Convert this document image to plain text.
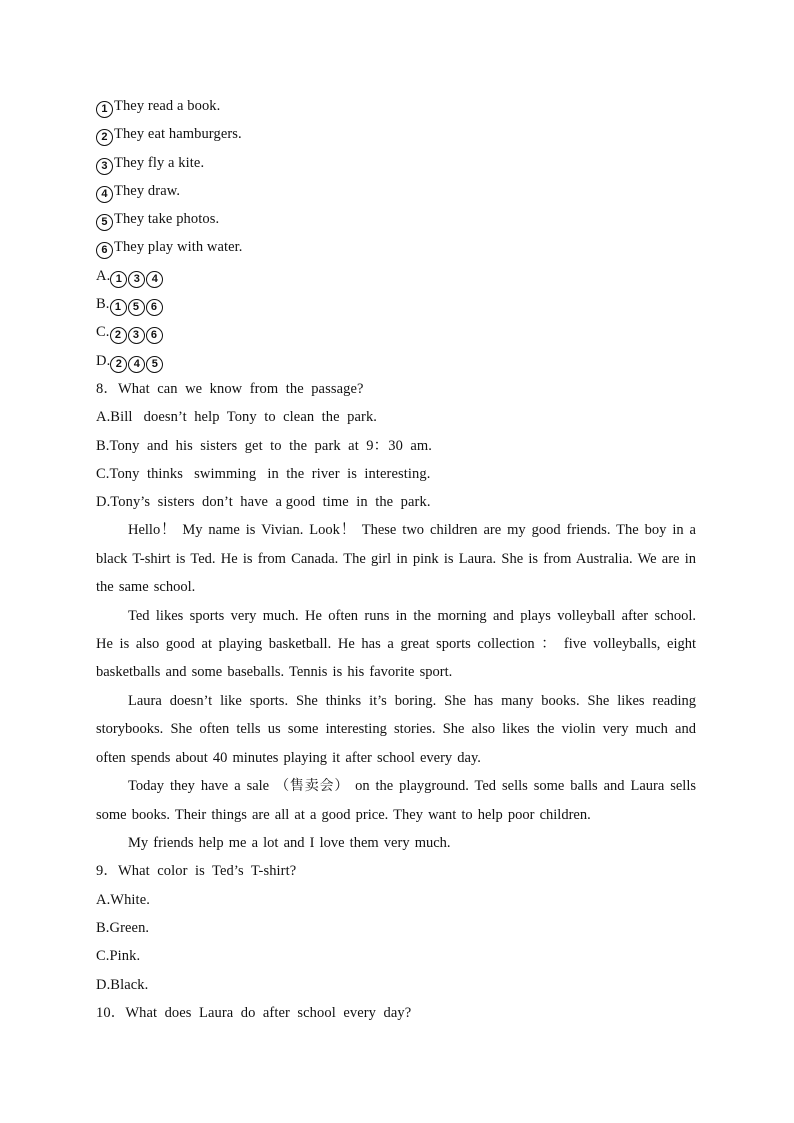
1 They read a book.
2 They eat hamburgers.
3 They fly a kite.
4 They draw.
5 They take photos.
6 They play with water.
A. 1 3 4
B. 1 5 6
C. 2 3 6
D. 2 4 5
8．What  can  we  know  from  the  passage?
A.Bill   doesn’t  help  Tony  to  clean  the  park.
B.Tony  and  his  sisters  get  to  the  park  at  9：30  am.
C.Tony  thinks   swimming   in  the  river  is  interesting.
D.Tony’s  sisters  don’t  have  a good  time  in  the  park.

Hello！ My name is Vivian. Look！ These two children are my good friends. The boy in a black T-shirt is Ted. He is from Canada. The girl in pink is Laura. She is from Australia. We are in the same school.

Ted likes sports very much. He often runs in the morning and plays volleyball after school. He is also good at playing basketball. He has a great sports collection ： five volleyballs, eight basketballs and some baseballs. Tennis is his favorite sport.

Laura doesn’t like sports. She thinks it’s boring. She has many books. She likes reading storybooks. She often tells us some interesting stories. She also likes the violin very much and often spends about 40 minutes playing it after school every day.

Today they have a sale （售卖会） on the playground. Ted sells some balls and Laura sells some books. Their things are all at a good price. They want to help poor children.

My friends help me a lot and I love them very much.

9．What  color  is  Ted’s  T-shirt?
A.White.
B.Green.
C.Pink.
D.Black.
10．What  does  Laura  do  after  school  every  day?
